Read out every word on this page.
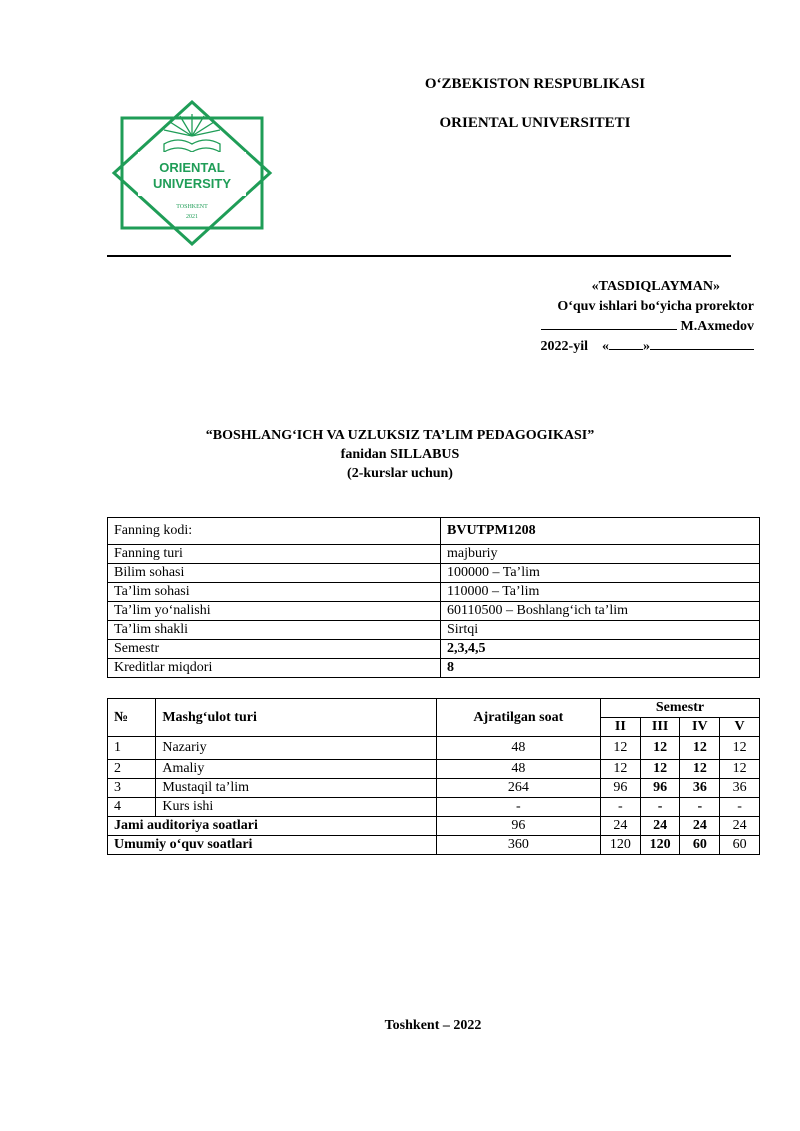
ORIENTAL
UNIVERSITY
TOSHKENT
2021
O‘ZBEKISTON RESPUBLIKASI
ORIENTAL UNIVERSITETI
«TASDIQLAYMAN»
O‘quv ishlari bo‘yicha prorektor
M.Axmedov
2022-yil « »
“BOSHLANG‘ICH VA UZLUKSIZ TA’LIM PEDAGOGIKASI”
fanidan SILLABUS
(2-kurslar uchun)
Fanning kodi:	BVUTPM1208
Fanning turi	majburiy
Bilim sohasi	100000 – Ta’lim
Ta’lim sohasi	110000 – Ta’lim
Ta’lim yo‘nalishi	60110500 – Boshlang‘ich ta’lim
Ta’lim shakli	Sirtqi
Semestr	2,3,4,5
Kreditlar miqdori	8
№	Mashg‘ulot turi	Ajratilgan soat	Semestr			
			II	III	IV	V
1	Nazariy	48	12	12	12	12
2	Amaliy	48	12	12	12	12
3	Mustaqil ta’lim	264	96	96	36	36
4	Kurs ishi	-	-	-	-	-
Jami auditoriya soatlari		96	24	24	24	24
Umumiy o‘quv soatlari		360	120	120	60	60
Toshkent – 2022
